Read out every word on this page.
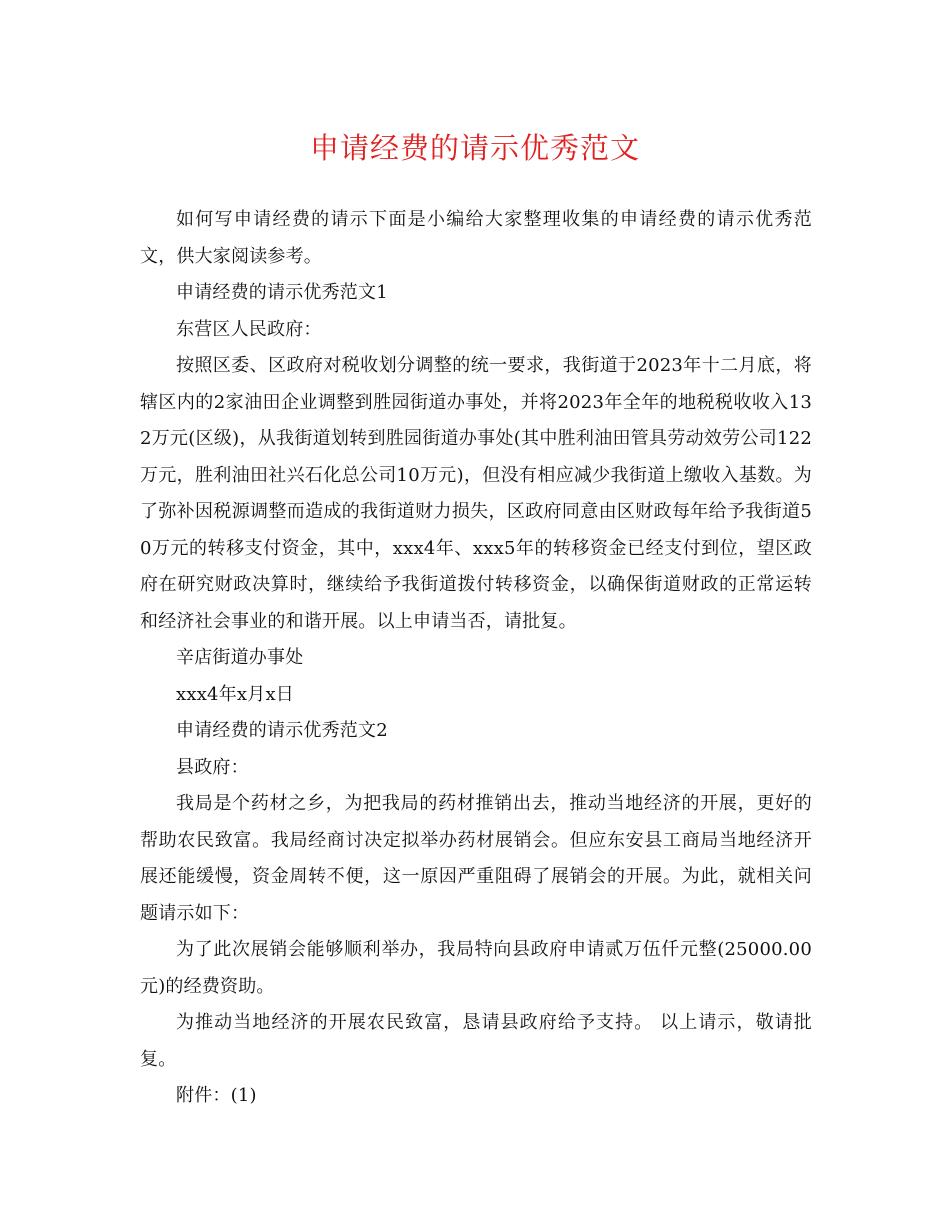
申请经费的请示优秀范文

如何写申请经费的请示下面是小编给大家整理收集的申请经费的请示优秀范文，供大家阅读参考。

申请经费的请示优秀范文1

东营区人民政府：

按照区委、区政府对税收划分调整的统一要求，我街道于2023年十二月底，将辖区内的2家油田企业调整到胜园街道办事处，并将2023年全年的地税税收收入132万元(区级)，从我街道划转到胜园街道办事处(其中胜利油田管具劳动效劳公司122万元，胜利油田社兴石化总公司10万元)，但没有相应减少我街道上缴收入基数。为了弥补因税源调整而造成的我街道财力损失，区政府同意由区财政每年给予我街道50万元的转移支付资金，其中，xxx4年、xxx5年的转移资金已经支付到位，望区政府在研究财政决算时，继续给予我街道拨付转移资金，以确保街道财政的正常运转和经济社会事业的和谐开展。以上申请当否，请批复。

辛店街道办事处

xxx4年x月x日

申请经费的请示优秀范文2

县政府：

我局是个药材之乡，为把我局的药材推销出去，推动当地经济的开展，更好的帮助农民致富。我局经商讨决定拟举办药材展销会。但应东安县工商局当地经济开展还能缓慢，资金周转不便，这一原因严重阻碍了展销会的开展。为此，就相关问题请示如下：

为了此次展销会能够顺利举办，我局特向县政府申请贰万伍仟元整(25000.00元)的经费资助。

为推动当地经济的开展农民致富，恳请县政府给予支持。 以上请示，敬请批复。

附件：(1)
